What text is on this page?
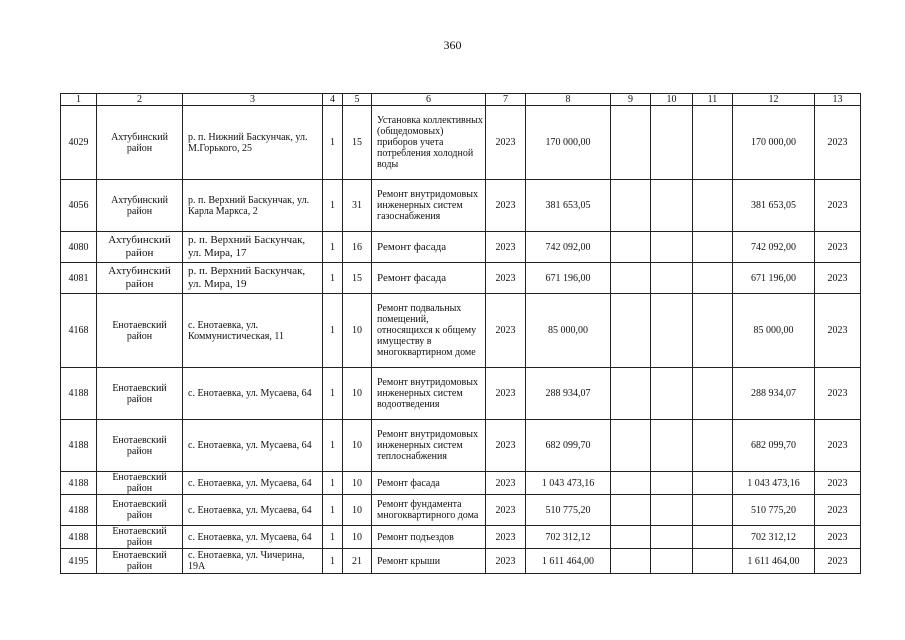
360
1	2	3	4	5	6	7	8	9	10	11	12	13
4029	Ахтубинский район	р. п. Нижний Баскунчак, ул. М.Горького, 25	1	15	Установка коллективных (общедомовых) приборов учета потребления холодной воды	2023	170 000,00				170 000,00	2023
4056	Ахтубинский район	р. п. Верхний Баскунчак, ул. Карла Маркса, 2	1	31	Ремонт внутридомовых инженерных систем газоснабжения	2023	381 653,05				381 653,05	2023
4080	Ахтубинский район	р. п. Верхний Баскунчак, ул. Мира, 17	1	16	Ремонт фасада	2023	742 092,00				742 092,00	2023
4081	Ахтубинский район	р. п. Верхний Баскунчак, ул. Мира, 19	1	15	Ремонт фасада	2023	671 196,00				671 196,00	2023
4168	Енотаевский район	с. Енотаевка, ул. Коммунистическая, 11	1	10	Ремонт подвальных помещений, относящихся к общему имуществу в многоквартирном доме	2023	85 000,00				85 000,00	2023
4188	Енотаевский район	с. Енотаевка, ул. Мусаева, 64	1	10	Ремонт внутридомовых инженерных систем водоотведения	2023	288 934,07				288 934,07	2023
4188	Енотаевский район	с. Енотаевка, ул. Мусаева, 64	1	10	Ремонт внутридомовых инженерных систем теплоснабжения	2023	682 099,70				682 099,70	2023
4188	Енотаевский район	с. Енотаевка, ул. Мусаева, 64	1	10	Ремонт фасада	2023	1 043 473,16				1 043 473,16	2023
4188	Енотаевский район	с. Енотаевка, ул. Мусаева, 64	1	10	Ремонт фундамента многоквартирного дома	2023	510 775,20				510 775,20	2023
4188	Енотаевский район	с. Енотаевка, ул. Мусаева, 64	1	10	Ремонт подъездов	2023	702 312,12				702 312,12	2023
4195	Енотаевский район	с. Енотаевка, ул. Чичерина, 19А	1	21	Ремонт крыши	2023	1 611 464,00				1 611 464,00	2023
